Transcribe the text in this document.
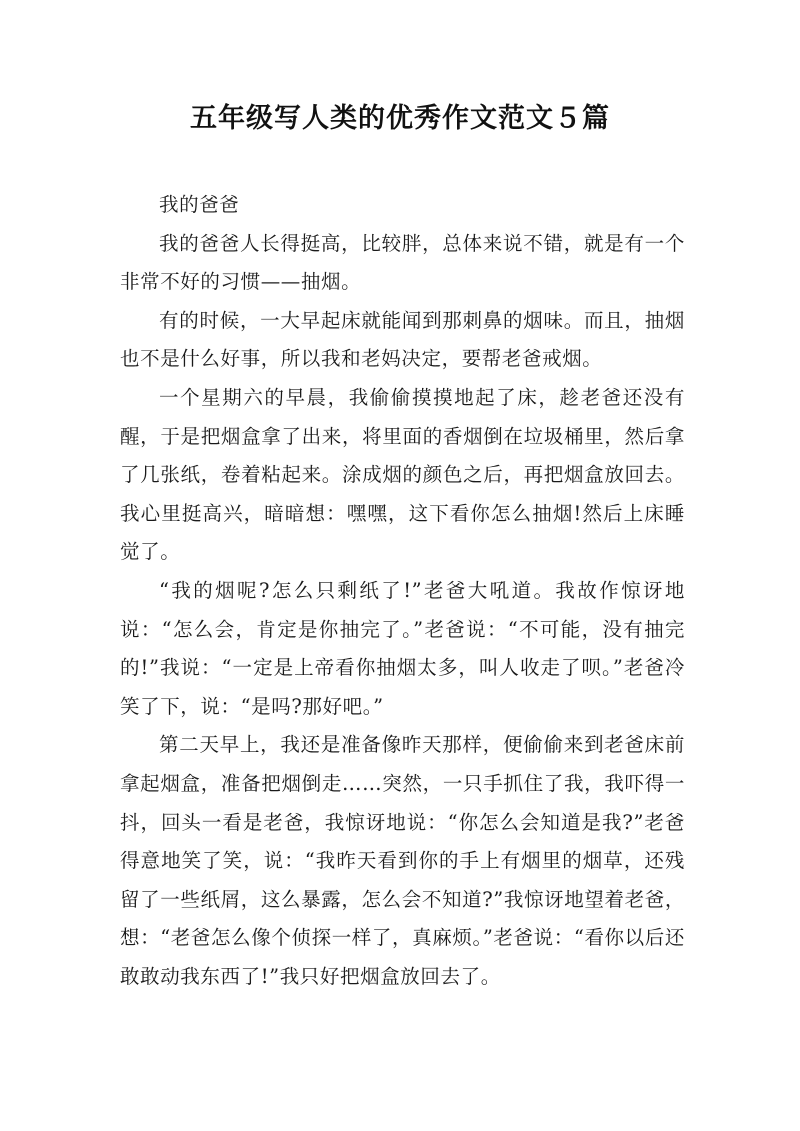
五年级写人类的优秀作文范文５篇

我的爸爸

我的爸爸人长得挺高，比较胖，总体来说不错，就是有一个非常不好的习惯——抽烟。

有的时候，一大早起床就能闻到那刺鼻的烟味。而且，抽烟也不是什么好事，所以我和老妈决定，要帮老爸戒烟。

一个星期六的早晨，我偷偷摸摸地起了床，趁老爸还没有醒，于是把烟盒拿了出来，将里面的香烟倒在垃圾桶里，然后拿了几张纸，卷着粘起来。涂成烟的颜色之后，再把烟盒放回去。我心里挺高兴，暗暗想：嘿嘿，这下看你怎么抽烟!然后上床睡觉了。

“我的烟呢?怎么只剩纸了!”老爸大吼道。我故作惊讶地说：“怎么会，肯定是你抽完了。”老爸说：“不可能，没有抽完的!”我说：“一定是上帝看你抽烟太多，叫人收走了呗。”老爸冷笑了下，说：“是吗?那好吧。”

第二天早上，我还是准备像昨天那样，便偷偷来到老爸床前拿起烟盒，准备把烟倒走……突然，一只手抓住了我，我吓得一抖，回头一看是老爸，我惊讶地说：“你怎么会知道是我?”老爸得意地笑了笑，说：“我昨天看到你的手上有烟里的烟草，还残留了一些纸屑，这么暴露，怎么会不知道?”我惊讶地望着老爸，想：“老爸怎么像个侦探一样了，真麻烦。”老爸说：“看你以后还敢敢动我东西了!”我只好把烟盒放回去了。
